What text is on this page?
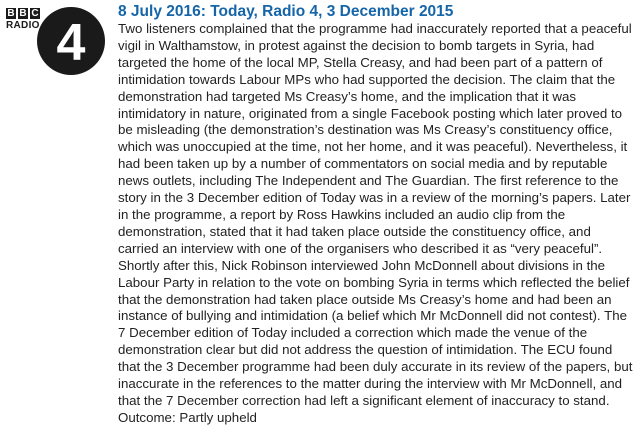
B B C
RADIO 4
8 July 2016: Today, Radio 4, 3 December 2015

Two listeners complained that the programme had inaccurately reported that a peaceful vigil in Walthamstow, in protest against the decision to bomb targets in Syria, had targeted the home of the local MP, Stella Creasy, and had been part of a pattern of intimidation towards Labour MPs who had supported the decision. The claim that the demonstration had targeted Ms Creasy’s home, and the implication that it was intimidatory in nature, originated from a single Facebook posting which later proved to be misleading (the demonstration’s destination was Ms Creasy’s constituency office, which was unoccupied at the time, not her home, and it was peaceful). Nevertheless, it had been taken up by a number of commentators on social media and by reputable news outlets, including The Independent and The Guardian. The first reference to the story in the 3 December edition of Today was in a review of the morning’s papers. Later in the programme, a report by Ross Hawkins included an audio clip from the demonstration, stated that it had taken place outside the constituency office, and carried an interview with one of the organisers who described it as “very peaceful”. Shortly after this, Nick Robinson interviewed John McDonnell about divisions in the Labour Party in relation to the vote on bombing Syria in terms which reflected the belief that the demonstration had taken place outside Ms Creasy’s home and had been an instance of bullying and intimidation (a belief which Mr McDonnell did not contest). The 7 December edition of Today included a correction which made the venue of the demonstration clear but did not address the question of intimidation. The ECU found that the 3 December programme had been duly accurate in its review of the papers, but inaccurate in the references to the matter during the interview with Mr McDonnell, and that the 7 December correction had left a significant element of inaccuracy to stand. Outcome: Partly upheld
